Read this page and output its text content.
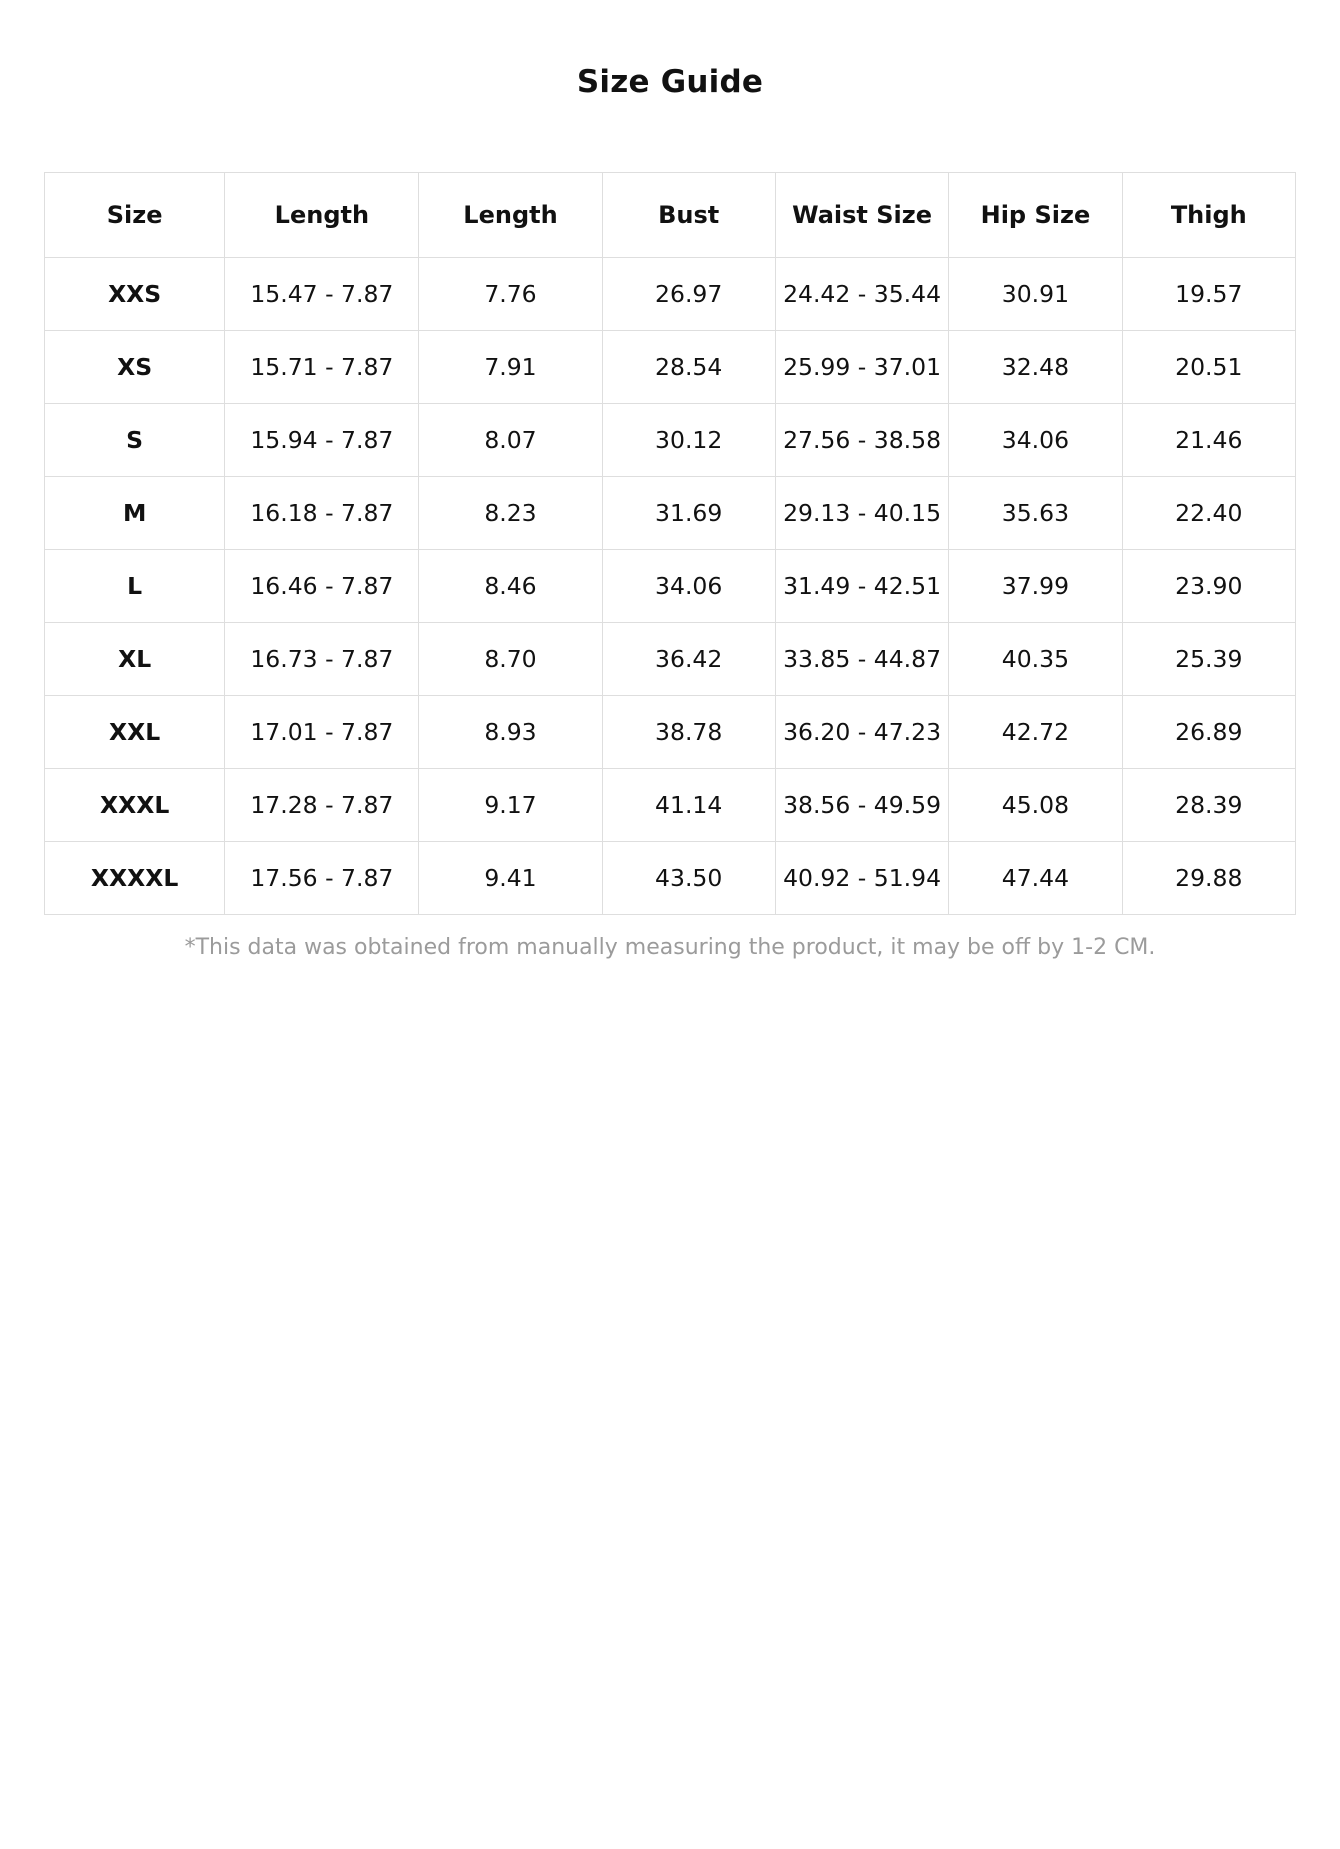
Size Guide
Size	Length	Length	Bust	Waist Size	Hip Size	Thigh
XXS	15.47 - 7.87	7.76	26.97	24.42 - 35.44	30.91	19.57
XS	15.71 - 7.87	7.91	28.54	25.99 - 37.01	32.48	20.51
S	15.94 - 7.87	8.07	30.12	27.56 - 38.58	34.06	21.46
M	16.18 - 7.87	8.23	31.69	29.13 - 40.15	35.63	22.40
L	16.46 - 7.87	8.46	34.06	31.49 - 42.51	37.99	23.90
XL	16.73 - 7.87	8.70	36.42	33.85 - 44.87	40.35	25.39
XXL	17.01 - 7.87	8.93	38.78	36.20 - 47.23	42.72	26.89
XXXL	17.28 - 7.87	9.17	41.14	38.56 - 49.59	45.08	28.39
XXXXL	17.56 - 7.87	9.41	43.50	40.92 - 51.94	47.44	29.88

*This data was obtained from manually measuring the product, it may be off by 1-2 CM.
